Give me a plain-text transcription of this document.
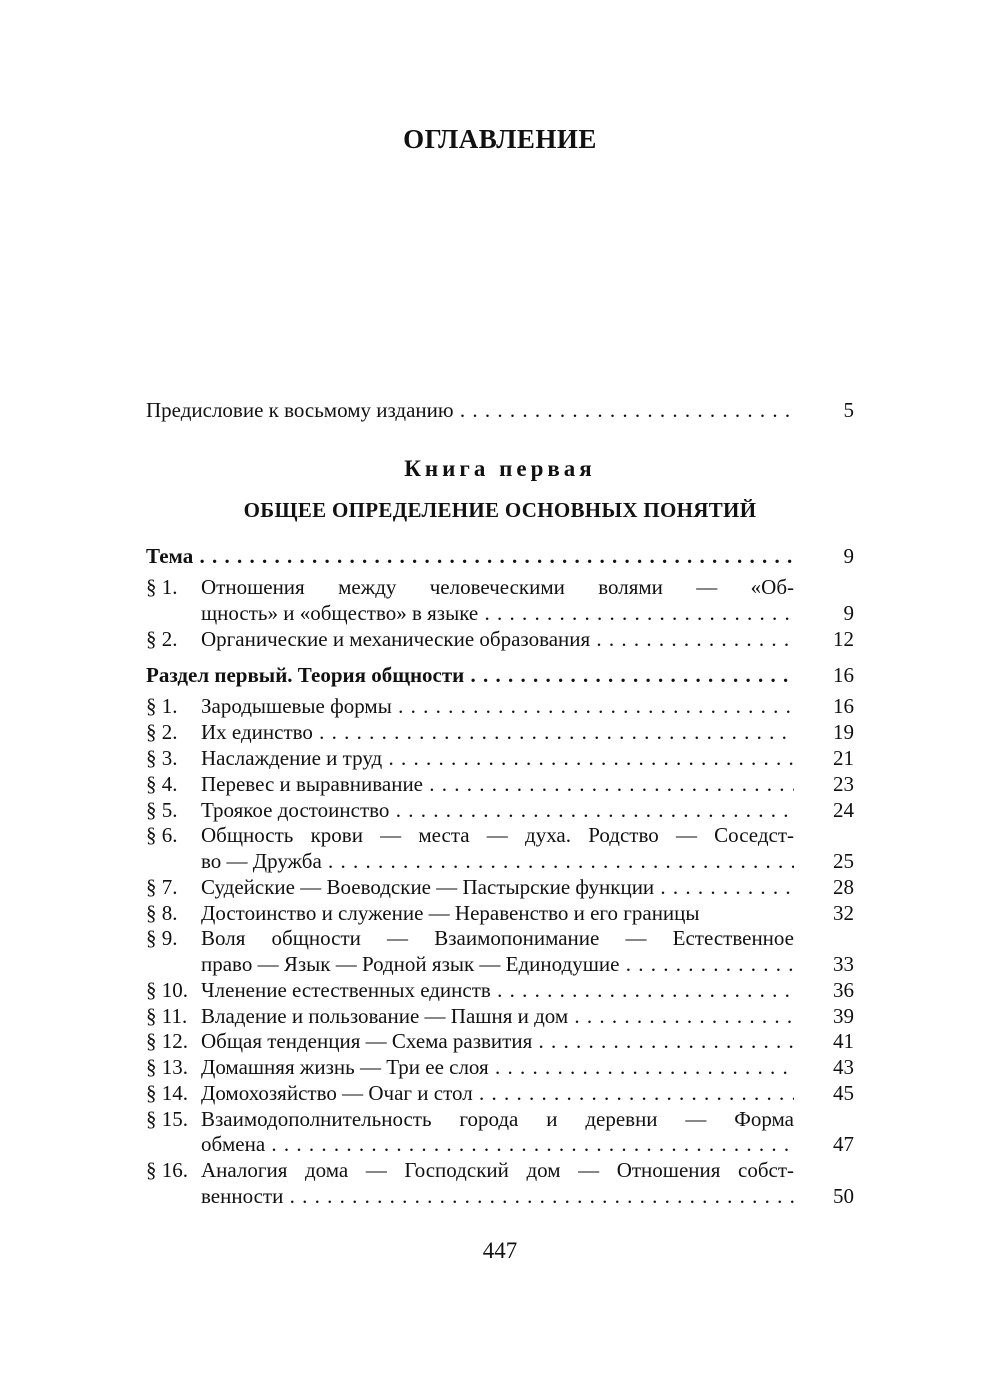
ОГЛАВЛЕНИЕ
Предисловие к восьмому изданию . . .	5
Книга первая
ОБЩЕЕ ОПРЕДЕЛЕНИЕ ОСНОВНЫХ ПОНЯТИЙ
Тема . . .	9
§ 1. Отношения между человеческими волями — «Об-
щность» и «общество» в языке . . .	9
§ 2. Органические и механические образования . . .	12
Раздел первый. Теория общности . . .	16
§ 1. Зародышевые формы . . .	16
§ 2. Их единство . . .	19
§ 3. Наслаждение и труд . . .	21
§ 4. Перевес и выравнивание . . .	23
§ 5. Троякое достоинство . . .	24
§ 6. Общность крови — места — духа. Родство — Соседст-
во — Дружба . . .	25
§ 7. Судейские — Воеводские — Пастырские функции . . .	28
§ 8. Достоинство и служение — Неравенство и его границы	32
§ 9. Воля общности — Взаимопонимание — Естественное
право — Язык — Родной язык — Единодушие . . .	33
§ 10. Членение естественных единств . . .	36
§ 11. Владение и пользование — Пашня и дом . . .	39
§ 12. Общая тенденция — Схема развития . . .	41
§ 13. Домашняя жизнь — Три ее слоя . . .	43
§ 14. Домохозяйство — Очаг и стол . . .	45
§ 15. Взаимодополнительность города и деревни — Форма
обмена . . .	47
§ 16. Аналогия дома — Господский дом — Отношения собст-
венности . . .	50
447
